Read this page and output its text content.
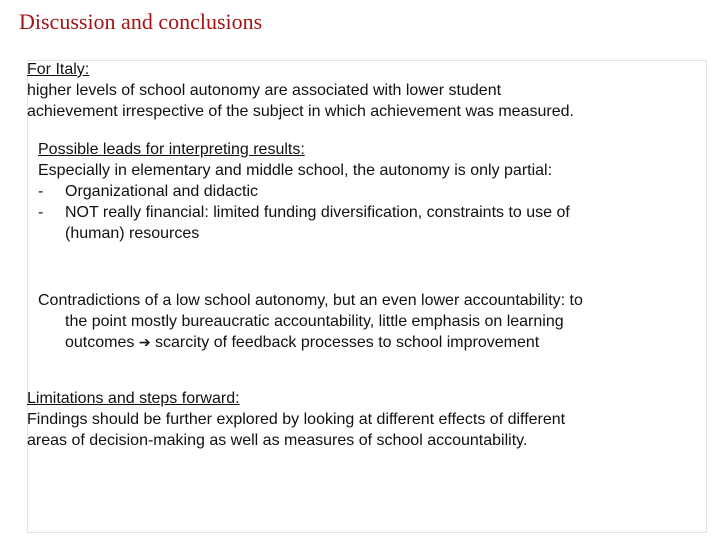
Discussion and conclusions
For Italy:
higher levels of school autonomy are associated with lower student
achievement irrespective of the subject in which achievement was measured.
Possible leads for interpreting results:
Especially in elementary and middle school, the autonomy is only partial:
- Organizational and didactic
- NOT really financial: limited funding diversification, constraints to use of
(human) resources
Contradictions of a low school autonomy, but an even lower accountability: to
the point mostly bureaucratic accountability, little emphasis on learning
outcomes ➔ scarcity of feedback processes to school improvement
Limitations and steps forward:
Findings should be further explored by looking at different effects of different
areas of decision-making as well as measures of school accountability.
